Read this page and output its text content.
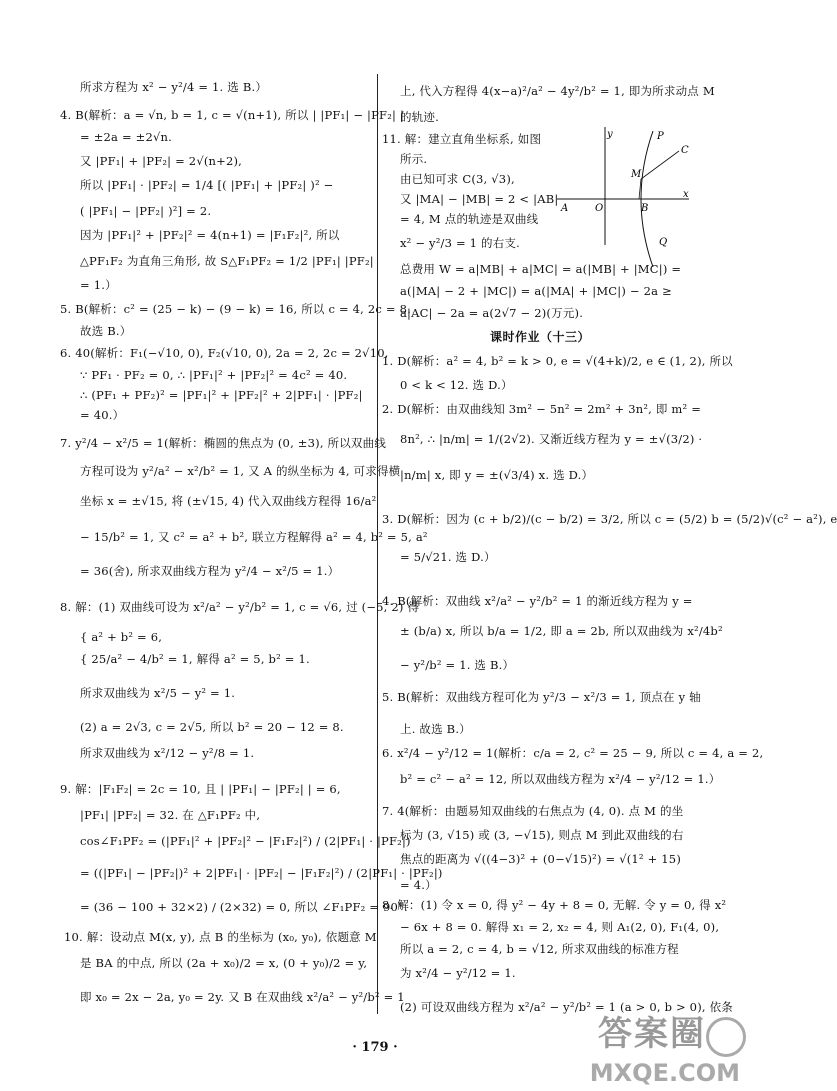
所求方程为 x² − y²/4 = 1. 选 B.）
4. B(解析：a = √n, b = 1, c = √(n+1), 所以 | |PF₁| − |PF₂| |
= ±2a = ±2√n.
又 |PF₁| + |PF₂| = 2√(n+2),
所以 |PF₁| · |PF₂| = 1/4 [( |PF₁| + |PF₂| )² −
( |PF₁| − |PF₂| )²] = 2.
因为 |PF₁|² + |PF₂|² = 4(n+1) = |F₁F₂|², 所以
△PF₁F₂ 为直角三角形, 故 S△F₁PF₂ = 1/2 |PF₁| |PF₂|
= 1.）
5. B(解析：c² = (25 − k) − (9 − k) = 16, 所以 c = 4, 2c = 8.
故选 B.）
6. 40(解析：F₁(−√10, 0), F₂(√10, 0), 2a = 2, 2c = 2√10,
∵ PF₁ · PF₂ = 0, ∴ |PF₁|² + |PF₂|² = 4c² = 40.
∴ (PF₁ + PF₂)² = |PF₁|² + |PF₂|² + 2|PF₁| · |PF₂|
= 40.）
7. y²/4 − x²/5 = 1(解析：椭圆的焦点为 (0, ±3), 所以双曲线
方程可设为 y²/a² − x²/b² = 1, 又 A 的纵坐标为 4, 可求得横
坐标 x = ±√15, 将 (±√15, 4) 代入双曲线方程得 16/a²
− 15/b² = 1, 又 c² = a² + b², 联立方程解得 a² = 4, b² = 5, a²
= 36(舍), 所求双曲线方程为 y²/4 − x²/5 = 1.）
8. 解：(1) 双曲线可设为 x²/a² − y²/b² = 1, c = √6, 过 (−5, 2) 得
{ a² + b² = 6,
{ 25/a² − 4/b² = 1, 解得 a² = 5, b² = 1.
所求双曲线为 x²/5 − y² = 1.
(2) a = 2√3, c = 2√5, 所以 b² = 20 − 12 = 8.
所求双曲线为 x²/12 − y²/8 = 1.
9. 解：|F₁F₂| = 2c = 10, 且 | |PF₁| − |PF₂| | = 6,
|PF₁| |PF₂| = 32. 在 △F₁PF₂ 中,
cos∠F₁PF₂ = (|PF₁|² + |PF₂|² − |F₁F₂|²) / (2|PF₁| · |PF₂|)
= ((|PF₁| − |PF₂|)² + 2|PF₁| · |PF₂| − |F₁F₂|²) / (2|PF₁| · |PF₂|)
= (36 − 100 + 32×2) / (2×32) = 0, 所以 ∠F₁PF₂ = 90°.
10. 解：设动点 M(x, y), 点 B 的坐标为 (x₀, y₀), 依题意 M
是 BA 的中点, 所以 (2a + x₀)/2 = x, (0 + y₀)/2 = y,
即 x₀ = 2x − 2a, y₀ = 2y. 又 B 在双曲线 x²/a² − y²/b² = 1
上, 代入方程得 4(x−a)²/a² − 4y²/b² = 1, 即为所求动点 M
的轨迹.
11. 解：建立直角坐标系, 如图
所示.
由已知可求 C(3, √3),
又 |MA| − |MB| = 2 < |AB|
= 4, M 点的轨迹是双曲线
x² − y²/3 = 1 的右支.
总费用 W = a|MB| + a|MC| = a(|MB| + |MC|) =
a(|MA| − 2 + |MC|) = a(|MA| + |MC|) − 2a ≥
a|AC| − 2a = a(2√7 − 2)(万元).
课时作业（十三）
1. D(解析：a² = 4, b² = k > 0, e = √(4+k)/2, e ∈ (1, 2), 所以
0 < k < 12. 选 D.）
2. D(解析：由双曲线知 3m² − 5n² = 2m² + 3n², 即 m² =
8n², ∴ |n/m| = 1/(2√2). 又渐近线方程为 y = ±√(3/2) ·
|n/m| x, 即 y = ±(√3/4) x. 选 D.）
3. D(解析：因为 (c + b/2)/(c − b/2) = 3/2, 所以 c = (5/2) b = (5/2)√(c² − a²), e
= 5/√21. 选 D.）
4. B(解析：双曲线 x²/a² − y²/b² = 1 的渐近线方程为 y =
± (b/a) x, 所以 b/a = 1/2, 即 a = 2b, 所以双曲线为 x²/4b²
− y²/b² = 1. 选 B.）
5. B(解析：双曲线方程可化为 y²/3 − x²/3 = 1, 顶点在 y 轴
上. 故选 B.）
6. x²/4 − y²/12 = 1(解析：c/a = 2, c² = 25 − 9, 所以 c = 4, a = 2,
b² = c² − a² = 12, 所以双曲线方程为 x²/4 − y²/12 = 1.）
7. 4(解析：由题易知双曲线的右焦点为 (4, 0). 点 M 的坐
标为 (3, √15) 或 (3, −√15), 则点 M 到此双曲线的右
焦点的距离为 √((4−3)² + (0−√15)²) = √(1² + 15)
= 4.）
8. 解：(1) 令 x = 0, 得 y² − 4y + 8 = 0, 无解. 令 y = 0, 得 x²
− 6x + 8 = 0. 解得 x₁ = 2, x₂ = 4, 则 A₁(2, 0), F₁(4, 0),
所以 a = 2, c = 4, b = √12, 所求双曲线的标准方程
为 x²/4 − y²/12 = 1.
(2) 可设双曲线方程为 x²/a² − y²/b² = 1 (a > 0, b > 0), 依条
y
x
O
A	B
M
P
C
Q
· 179 ·	答案圈
MXQE.COM
